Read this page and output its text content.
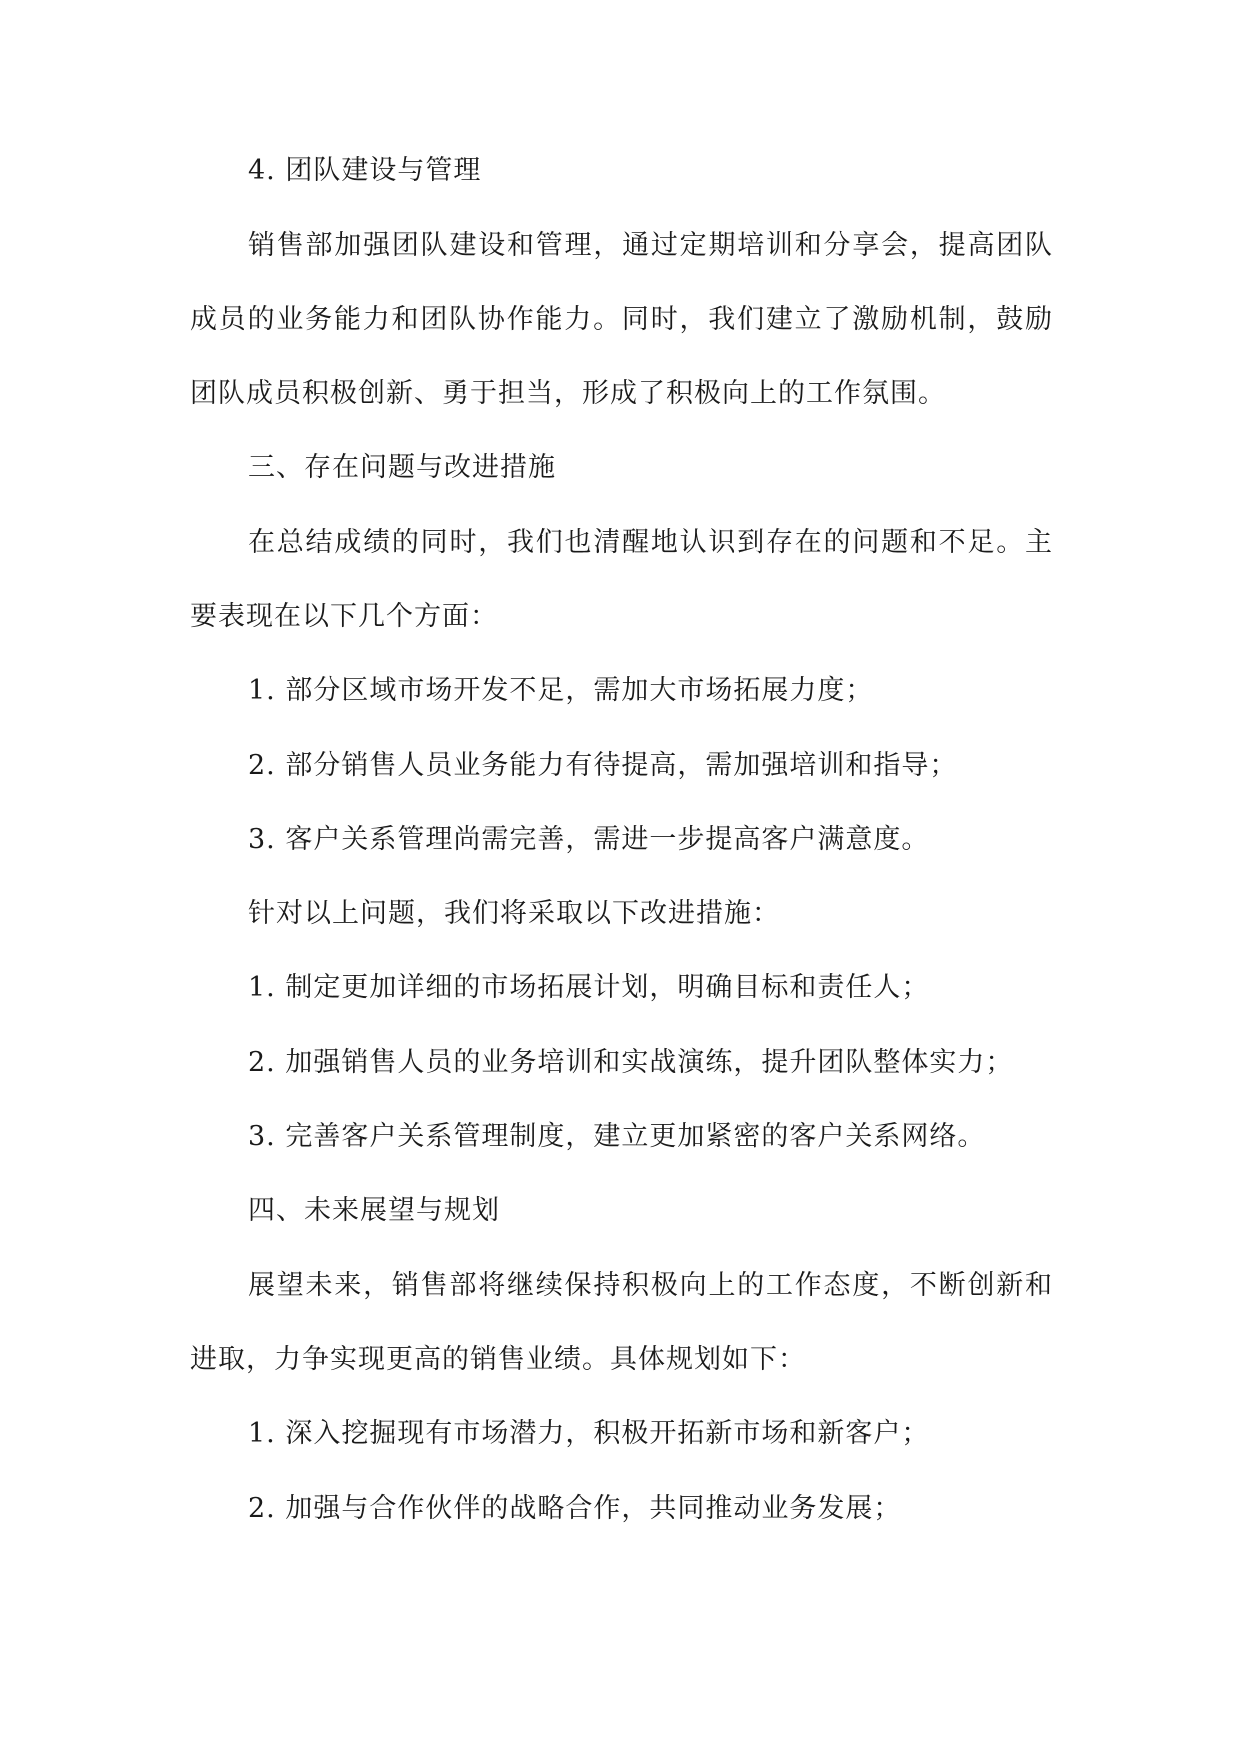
4. 团队建设与管理

销售部加强团队建设和管理，通过定期培训和分享会，提高团队

成员的业务能力和团队协作能力。同时，我们建立了激励机制，鼓励

团队成员积极创新、勇于担当，形成了积极向上的工作氛围。

三、存在问题与改进措施

在总结成绩的同时，我们也清醒地认识到存在的问题和不足。主

要表现在以下几个方面：

1. 部分区域市场开发不足，需加大市场拓展力度；

2. 部分销售人员业务能力有待提高，需加强培训和指导；

3. 客户关系管理尚需完善，需进一步提高客户满意度。

针对以上问题，我们将采取以下改进措施：

1. 制定更加详细的市场拓展计划，明确目标和责任人；

2. 加强销售人员的业务培训和实战演练，提升团队整体实力；

3. 完善客户关系管理制度，建立更加紧密的客户关系网络。

四、未来展望与规划

展望未来，销售部将继续保持积极向上的工作态度，不断创新和

进取，力争实现更高的销售业绩。具体规划如下：

1. 深入挖掘现有市场潜力，积极开拓新市场和新客户；

2. 加强与合作伙伴的战略合作，共同推动业务发展；
